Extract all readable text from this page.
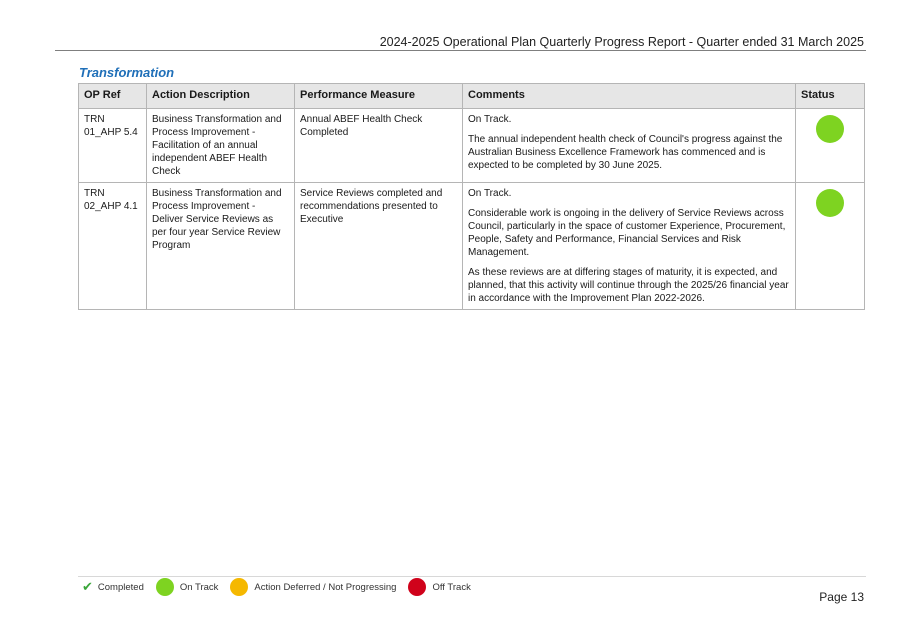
2024-2025 Operational Plan Quarterly Progress Report - Quarter ended 31 March 2025
Transformation
OP Ref	Action Description	Performance Measure	Comments	Status
TRN 01_AHP 5.4	Business Transformation and Process Improvement - Facilitation of an annual independent ABEF Health Check	Annual ABEF Health Check Completed	On Track.

The annual independent health check of Council's progress against the Australian Business Excellence Framework has commenced and is expected to be completed by 30 June 2025.	

TRN 02_AHP 4.1	Business Transformation and Process Improvement - Deliver Service Reviews as per four year Service Review Program	Service Reviews completed and recommendations presented to Executive	On Track.

Considerable work is ongoing in the delivery of Service Reviews across Council, particularly in the space of customer Experience, Procurement, People, Safety and Performance, Financial Services and Risk Management.

As these reviews are at differing stages of maturity, it is expected, and planned, that this activity will continue through the 2025/26 financial year in accordance with the Improvement Plan 2022-2026.	

✔ Completed	On Track	Action Deferred / Not Progressing	Off Track
Page 13
